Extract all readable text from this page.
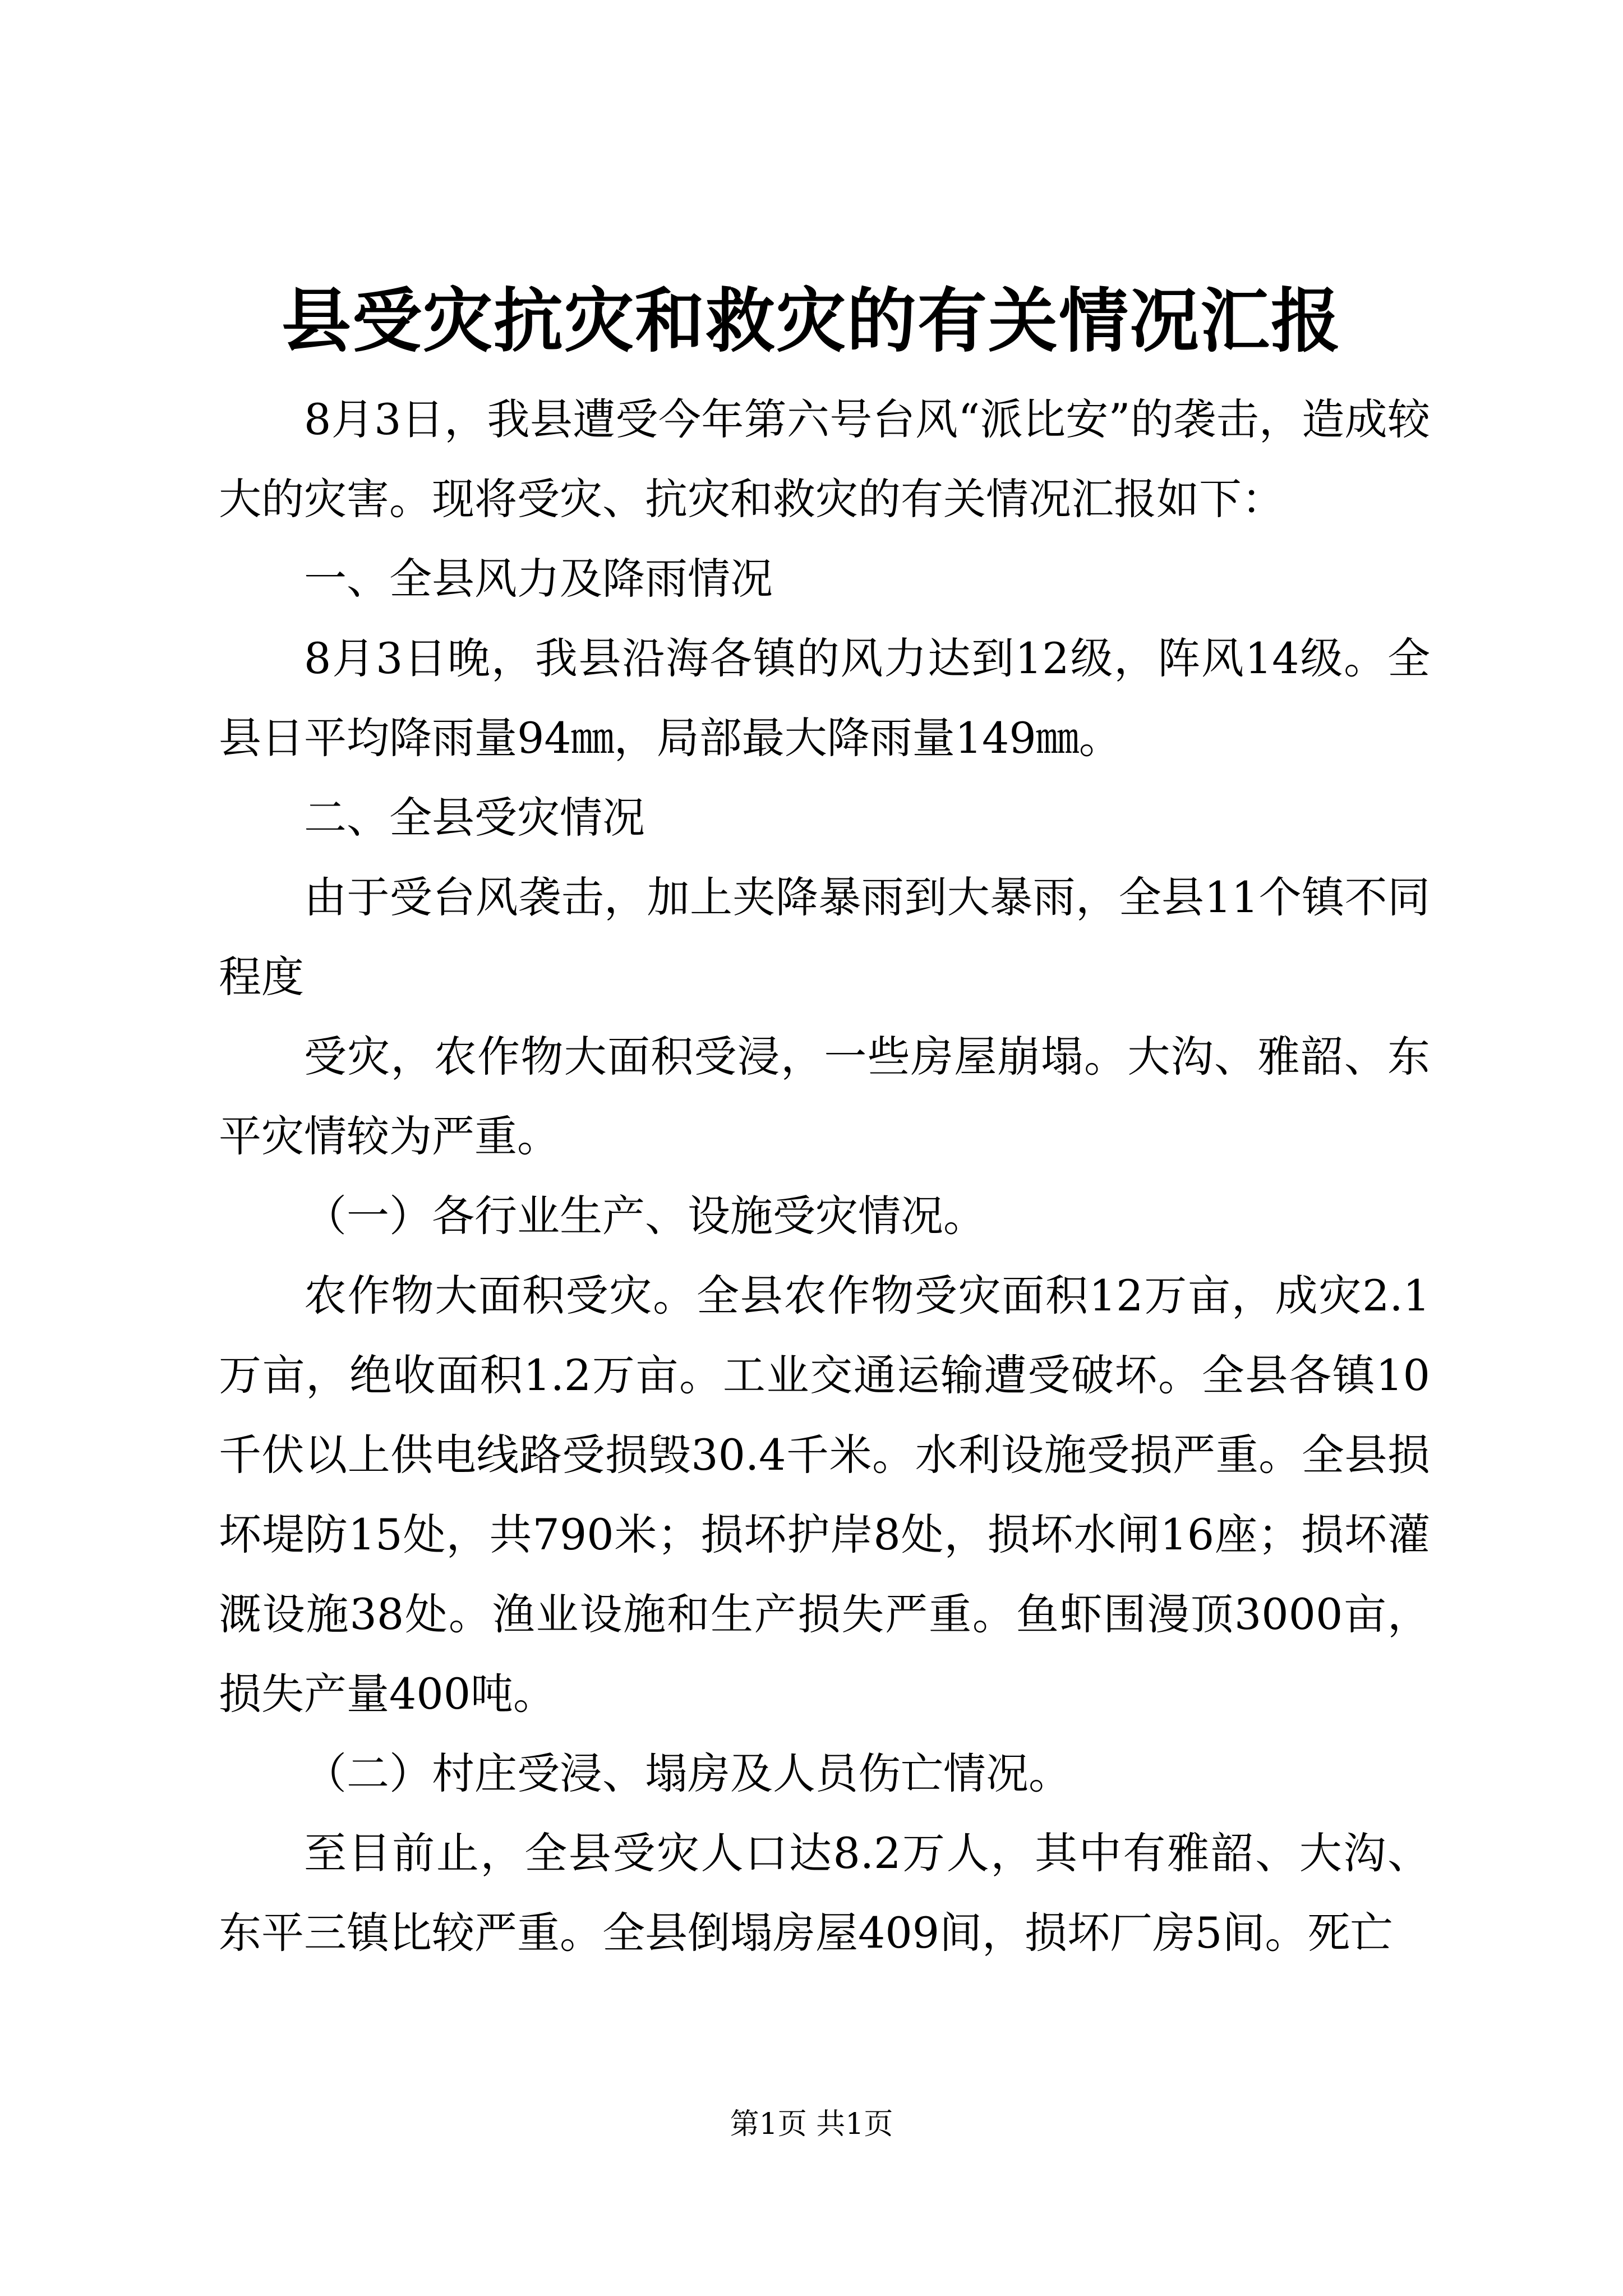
县受灾抗灾和救灾的有关情况汇报

8月3日，我县遭受今年第六号台风“派比安”的袭击，造成较大的灾害。现将受灾、抗灾和救灾的有关情况汇报如下：

一、全县风力及降雨情况

8月3日晚，我县沿海各镇的风力达到12级，阵风14级。全县日平均降雨量94㎜，局部最大降雨量149㎜。

二、全县受灾情况

由于受台风袭击，加上夹降暴雨到大暴雨，全县11个镇不同程度

受灾，农作物大面积受浸，一些房屋崩塌。大沟、雅韶、东平灾情较为严重。

（一）各行业生产、设施受灾情况。

农作物大面积受灾。全县农作物受灾面积12万亩，成灾2.1万亩，绝收面积1.2万亩。工业交通运输遭受破坏。全县各镇10千伏以上供电线路受损毁30.4千米。水利设施受损严重。全县损坏堤防15处，共790米；损坏护岸8处，损坏水闸16座；损坏灌溉设施38处。渔业设施和生产损失严重。鱼虾围漫顶3000亩，损失产量400吨。

（二）村庄受浸、塌房及人员伤亡情况。

至目前止，全县受灾人口达8.2万人，其中有雅韶、大沟、东平三镇比较严重。全县倒塌房屋409间，损坏厂房5间。死亡

第1页 共1页
